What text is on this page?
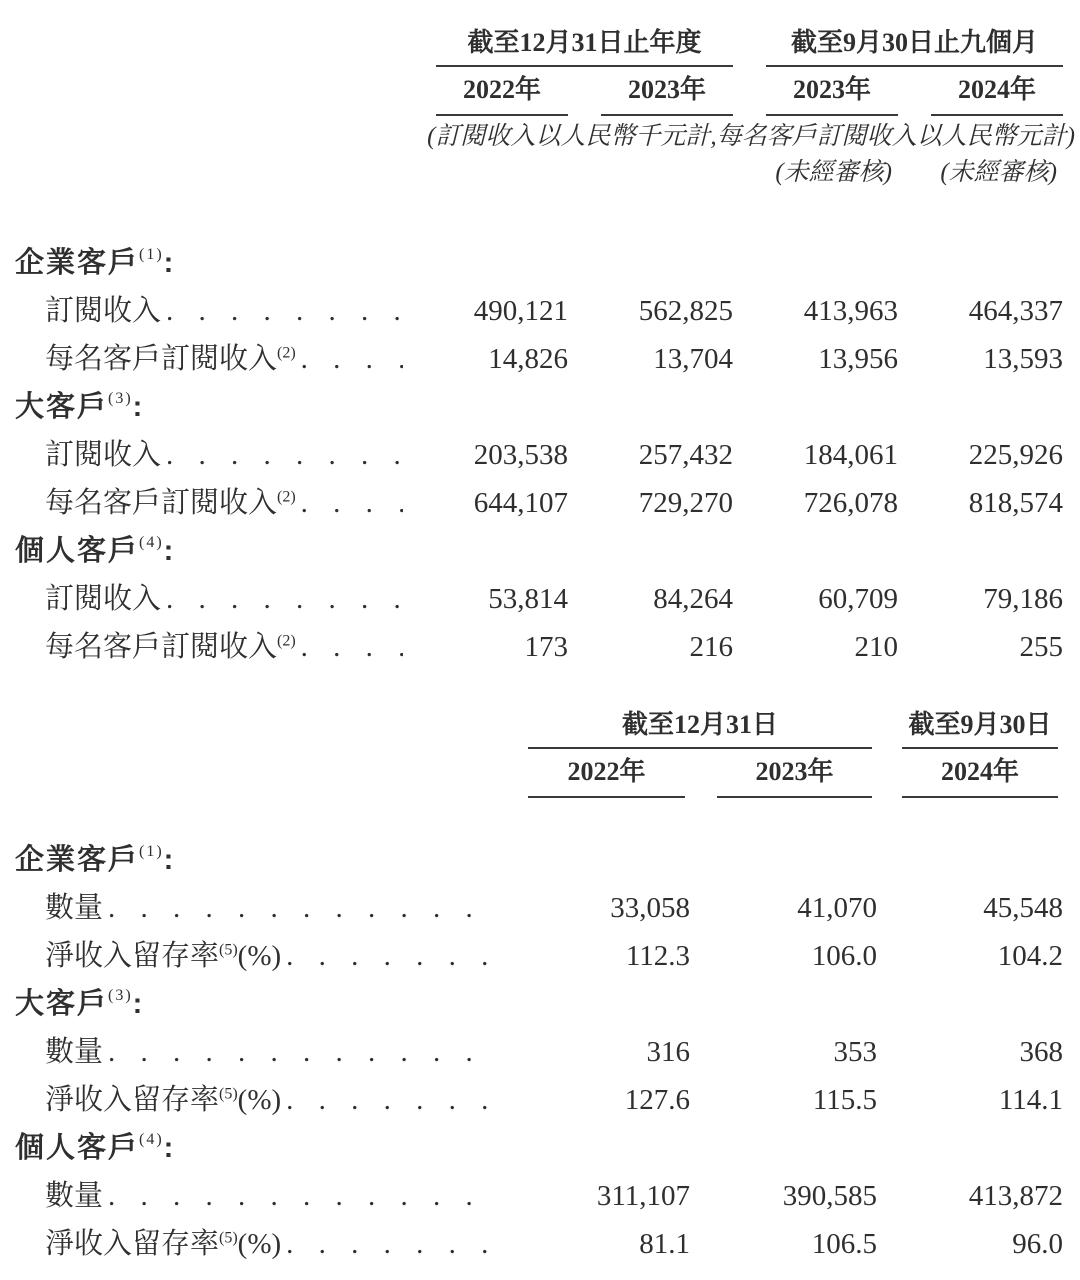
截至12月31日止年度	截至9月30日止九個月
2022年	2023年	2023年	2024年
(訂閱收入以人民幣千元計,每名客戶訂閱收入以人民幣元計)
(未經審核)	(未經審核)
企業客戶$^{(1)}$:
訂閱收入 . . .	490,121	562,825	413,963	464,337
每名客戶訂閱收入$^{(2)}$ . . .	14,826	13,704	13,956	13,593
大客戶$^{(3)}$:
訂閱收入 . . .	203,538	257,432	184,061	225,926
每名客戶訂閱收入$^{(2)}$ . . .	644,107	729,270	726,078	818,574
個人客戶$^{(4)}$:
訂閱收入 . . .	53,814	84,264	60,709	79,186
每名客戶訂閱收入$^{(2)}$ . . .	173	216	210	255
截至12月31日	截至9月30日
2022年	2023年	2024年
企業客戶$^{(1)}$:
數量 . . .	33,058	41,070	45,548
淨收入留存率$^{(5)}$(%) . . .	112.3	106.0	104.2
大客戶$^{(3)}$:
數量 . . .	316	353	368
淨收入留存率$^{(5)}$(%) . . .	127.6	115.5	114.1
個人客戶$^{(4)}$:
數量 . . .	311,107	390,585	413,872
淨收入留存率$^{(5)}$(%) . . .	81.1	106.5	96.0
